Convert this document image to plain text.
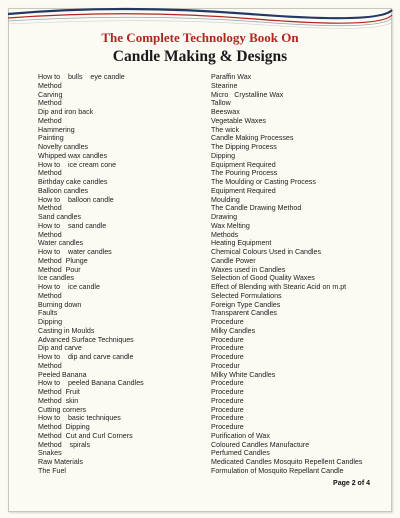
The Complete Technology Book On
Candle Making & Designs
How to    bulls    eye candle
Method
Carving
Method
Dip and iron back
Method
Hammering
Painting
Novelty candles
Whipped wax candles
How to    ice cream cone
Method
Birthday cake candles
Balloon candles
How to    balloon candle
Method
Sand candles
How to    sand candle
Method
Water candles
How to    water candles
Method  Plunge
Method  Pour
Ice candles
How to    ice candle
Method
Burning down
Faults
Dipping
Casting in Moulds
Advanced Surface Techniques
Dip and carve
How to    dip and carve candle
Method
Peeled Banana
How to    peeled Banana Candles
Method  Fruit
Method  skin
Cutting corners
How to    basic techniques
Method  Dipping
Method  Cut and Curl Corners
Method    spirals
Snakes
Raw Materials
The Fuel
Paraffin Wax
Stearine
Micro   Crystalline Wax
Tallow
Beeswax
Vegetable Waxes
The wick
Candle Making Processes
The Dipping Process
Dipping
Equipment Required
The Pouring Process
The Moulding or Casting Process
Equipment Required
Moulding
The Candle Drawing Method
Drawing
Wax Melting
Methods
Heating Equipment
Chemical Colours Used in Candles
Candle Power
Waxes used in Candles
Selection of Good Quality Waxes
Effect of Blending with Stearic Acid on m.pt
Selected Formulations
Foreign Type Candles
Transparent Candles
Procedure
Milky Candles
Procedure
Procedure
Procedure
Procedur
Milky White Candles
Procedure
Procedure
Procedure
Procedure
Procedure
Procedure
Purification of Wax
Coloured Candles Manufacture
Perfumed Candles
Medicated Candles Mosquito Repellent Candles
Formulation of Mosquito Repellant Candle
Page 2 of 4
